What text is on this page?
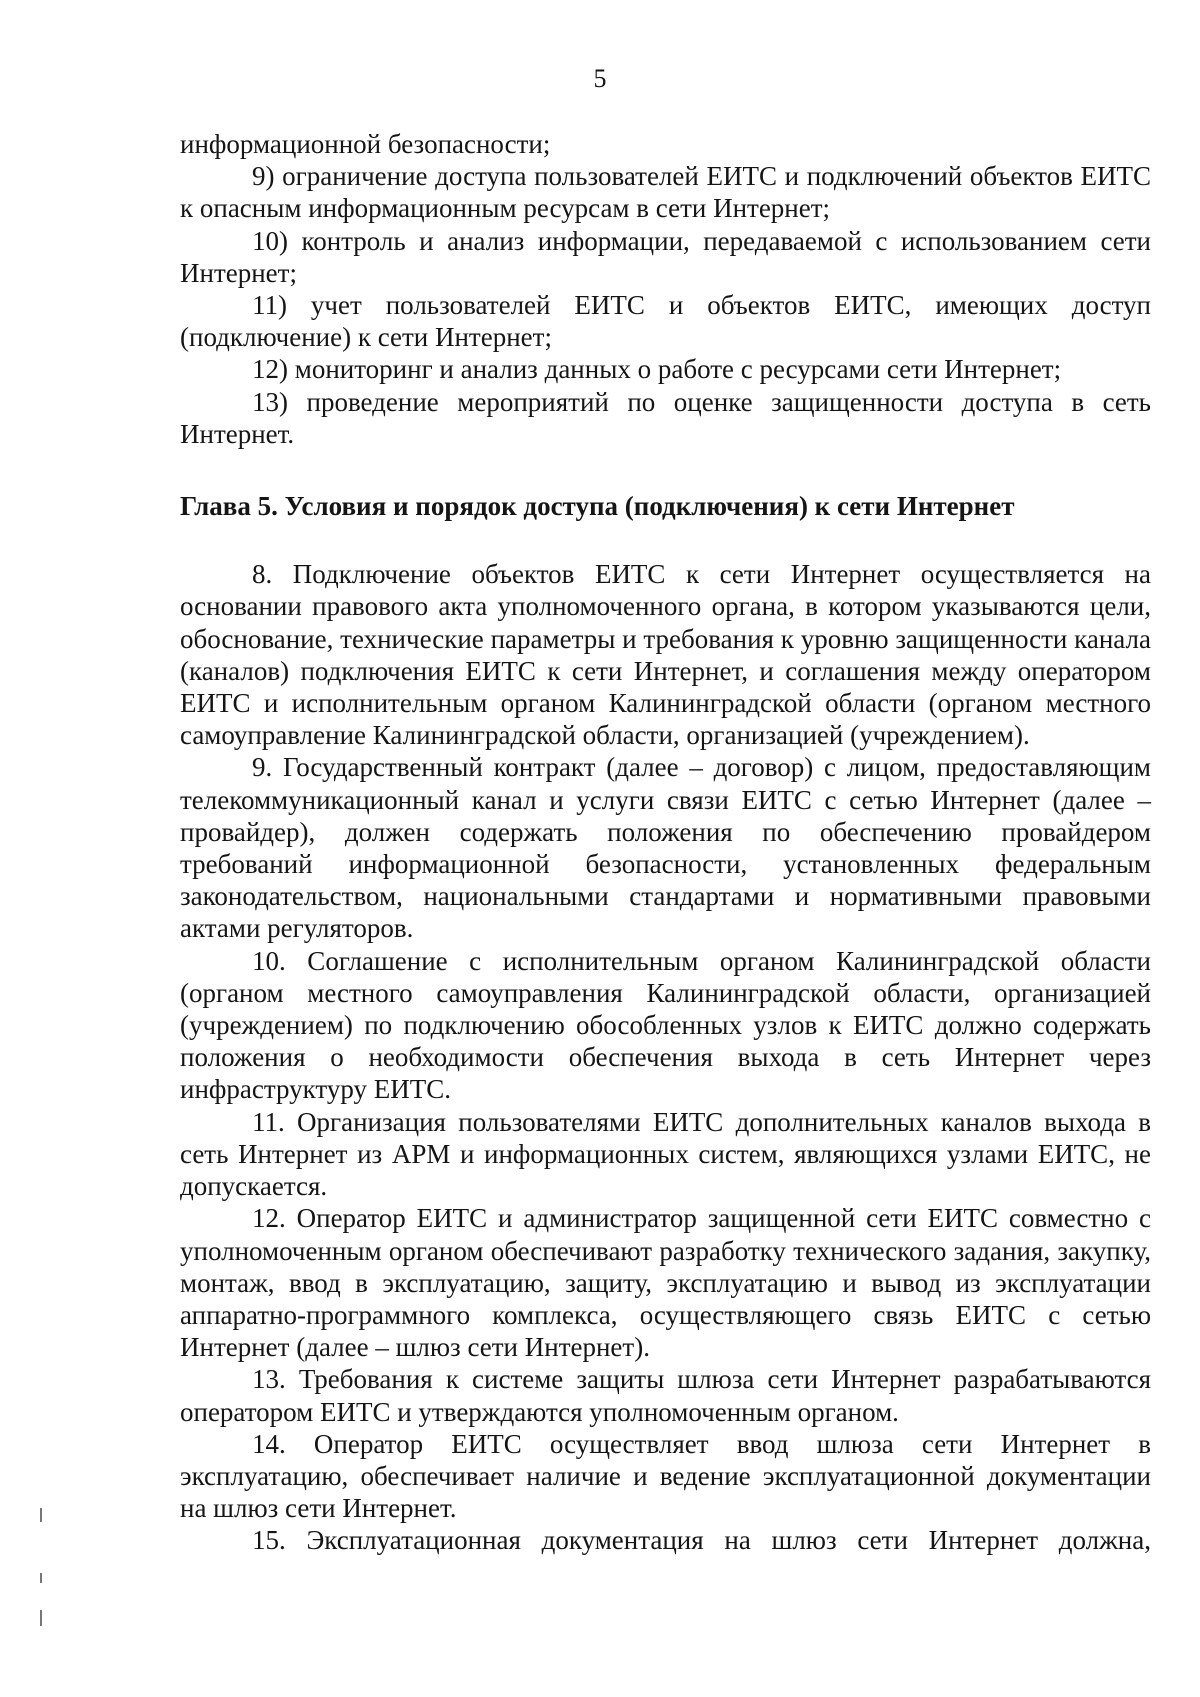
5

информационной безопасности;

9) ограничение доступа пользователей ЕИТС и подключений объектов ЕИТС к опасным информационным ресурсам в сети Интернет;

10) контроль и анализ информации, передаваемой с использованием сети Интернет;

11) учет пользователей ЕИТС и объектов ЕИТС, имеющих доступ (подключение) к сети Интернет;

12) мониторинг и анализ данных о работе с ресурсами сети Интернет;

13) проведение мероприятий по оценке защищенности доступа в сеть Интернет.

Глава 5. Условия и порядок доступа (подключения) к сети Интернет

8. Подключение объектов ЕИТС к сети Интернет осуществляется на основании правового акта уполномоченного органа, в котором указываются цели, обоснование, технические параметры и требования к уровню защищенности канала (каналов) подключения ЕИТС к сети Интернет, и соглашения между оператором ЕИТС и исполнительным органом Калининградской области (органом местного самоуправление Калининградской области, организацией (учреждением).

9. Государственный контракт (далее – договор) с лицом, предоставляющим телекоммуникационный канал и услуги связи ЕИТС с сетью Интернет (далее – провайдер), должен содержать положения по обеспечению провайдером требований информационной безопасности, установленных федеральным законодательством, национальными стандартами и нормативными правовыми актами регуляторов.

10. Соглашение с исполнительным органом Калининградской области (органом местного самоуправления Калининградской области, организацией (учреждением) по подключению обособленных узлов к ЕИТС должно содержать положения о необходимости обеспечения выхода в сеть Интернет через инфраструктуру ЕИТС.

11. Организация пользователями ЕИТС дополнительных каналов выхода в сеть Интернет из АРМ и информационных систем, являющихся узлами ЕИТС, не допускается.

12. Оператор ЕИТС и администратор защищенной сети ЕИТС совместно с уполномоченным органом обеспечивают разработку технического задания, закупку, монтаж, ввод в эксплуатацию, защиту, эксплуатацию и вывод из эксплуатации аппаратно-программного комплекса, осуществляющего связь ЕИТС с сетью Интернет (далее – шлюз сети Интернет).

13. Требования к системе защиты шлюза сети Интернет разрабатываются оператором ЕИТС и утверждаются уполномоченным органом.

14. Оператор ЕИТС осуществляет ввод шлюза сети Интернет в эксплуатацию, обеспечивает наличие и ведение эксплуатационной документации на шлюз сети Интернет.

15. Эксплуатационная документация на шлюз сети Интернет должна,
